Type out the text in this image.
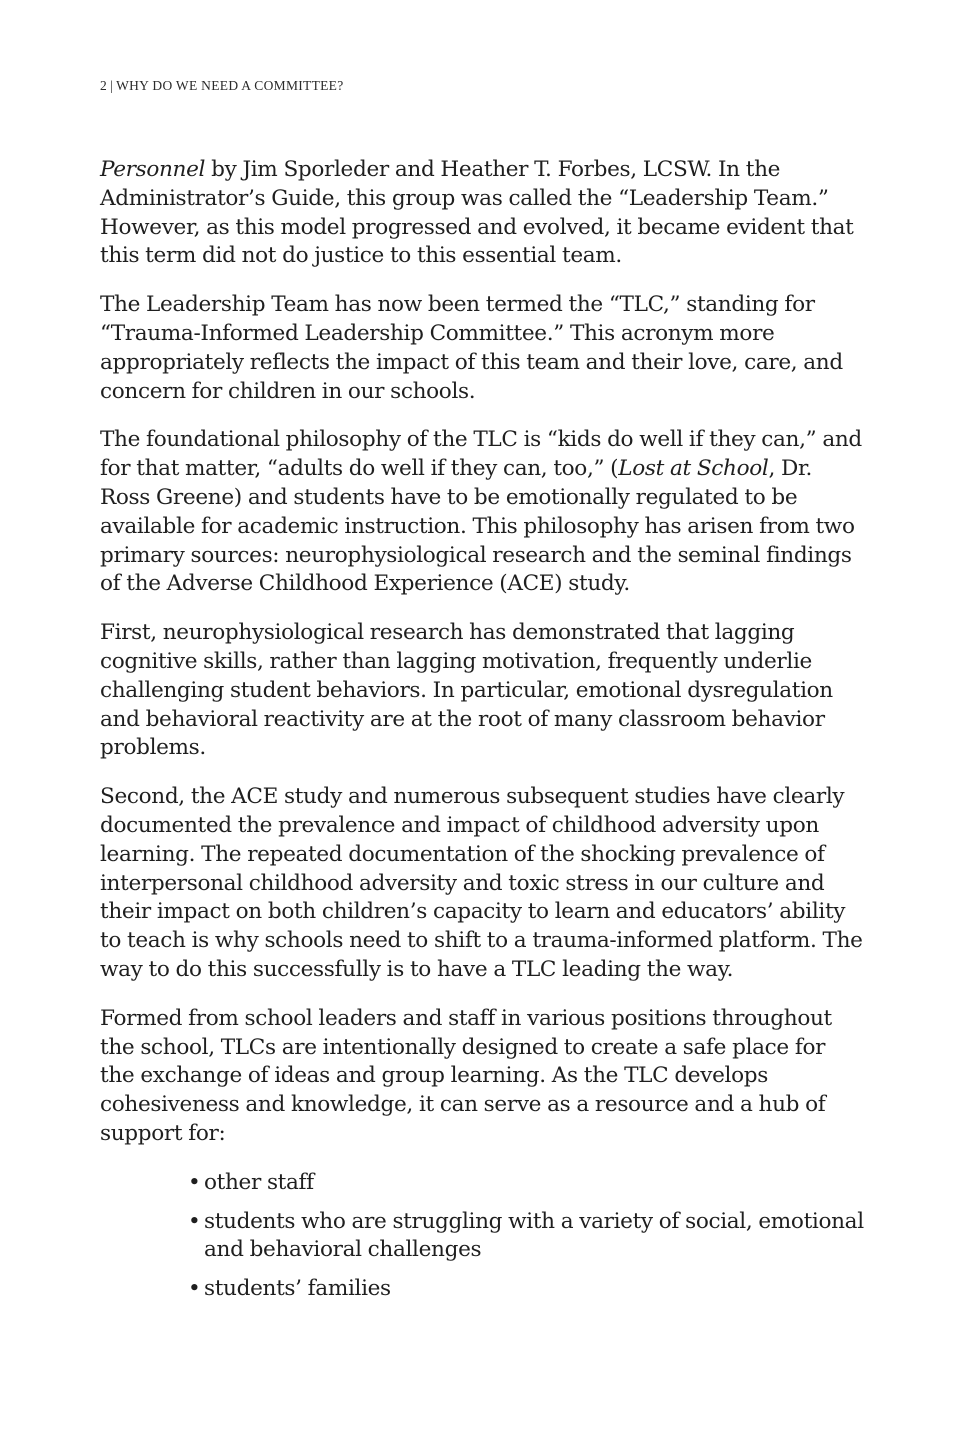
2 | WHY DO WE NEED A COMMITTEE?

Personnel by Jim Sporleder and Heather T. Forbes, LCSW. In the Administrator’s Guide, this group was called the “Leadership Team.” However, as this model progressed and evolved, it became evident that this term did not do justice to this essential team.

The Leadership Team has now been termed the “TLC,” standing for “Trauma-Informed Leadership Committee.” This acronym more appropriately reflects the impact of this team and their love, care, and concern for children in our schools.

The foundational philosophy of the TLC is “kids do well if they can,” and for that matter, “adults do well if they can, too,” (Lost at School, Dr. Ross Greene) and students have to be emotionally regulated to be available for academic instruction. This philosophy has arisen from two primary sources: neurophysiological research and the seminal findings of the Adverse Childhood Experience (ACE) study.

First, neurophysiological research has demonstrated that lagging cognitive skills, rather than lagging motivation, frequently underlie challenging student behaviors. In particular, emotional dysregulation and behavioral reactivity are at the root of many classroom behavior problems.

Second, the ACE study and numerous subsequent studies have clearly documented the prevalence and impact of childhood adversity upon learning. The repeated documentation of the shocking prevalence of interpersonal childhood adversity and toxic stress in our culture and their impact on both children’s capacity to learn and educators’ ability to teach is why schools need to shift to a trauma-informed platform. The way to do this successfully is to have a TLC leading the way.

Formed from school leaders and staff in various positions throughout the school, TLCs are intentionally designed to create a safe place for the exchange of ideas and group learning. As the TLC develops cohesiveness and knowledge, it can serve as a resource and a hub of support for:

• other staff
• students who are struggling with a variety of social, emotional and behavioral challenges
• students’ families
